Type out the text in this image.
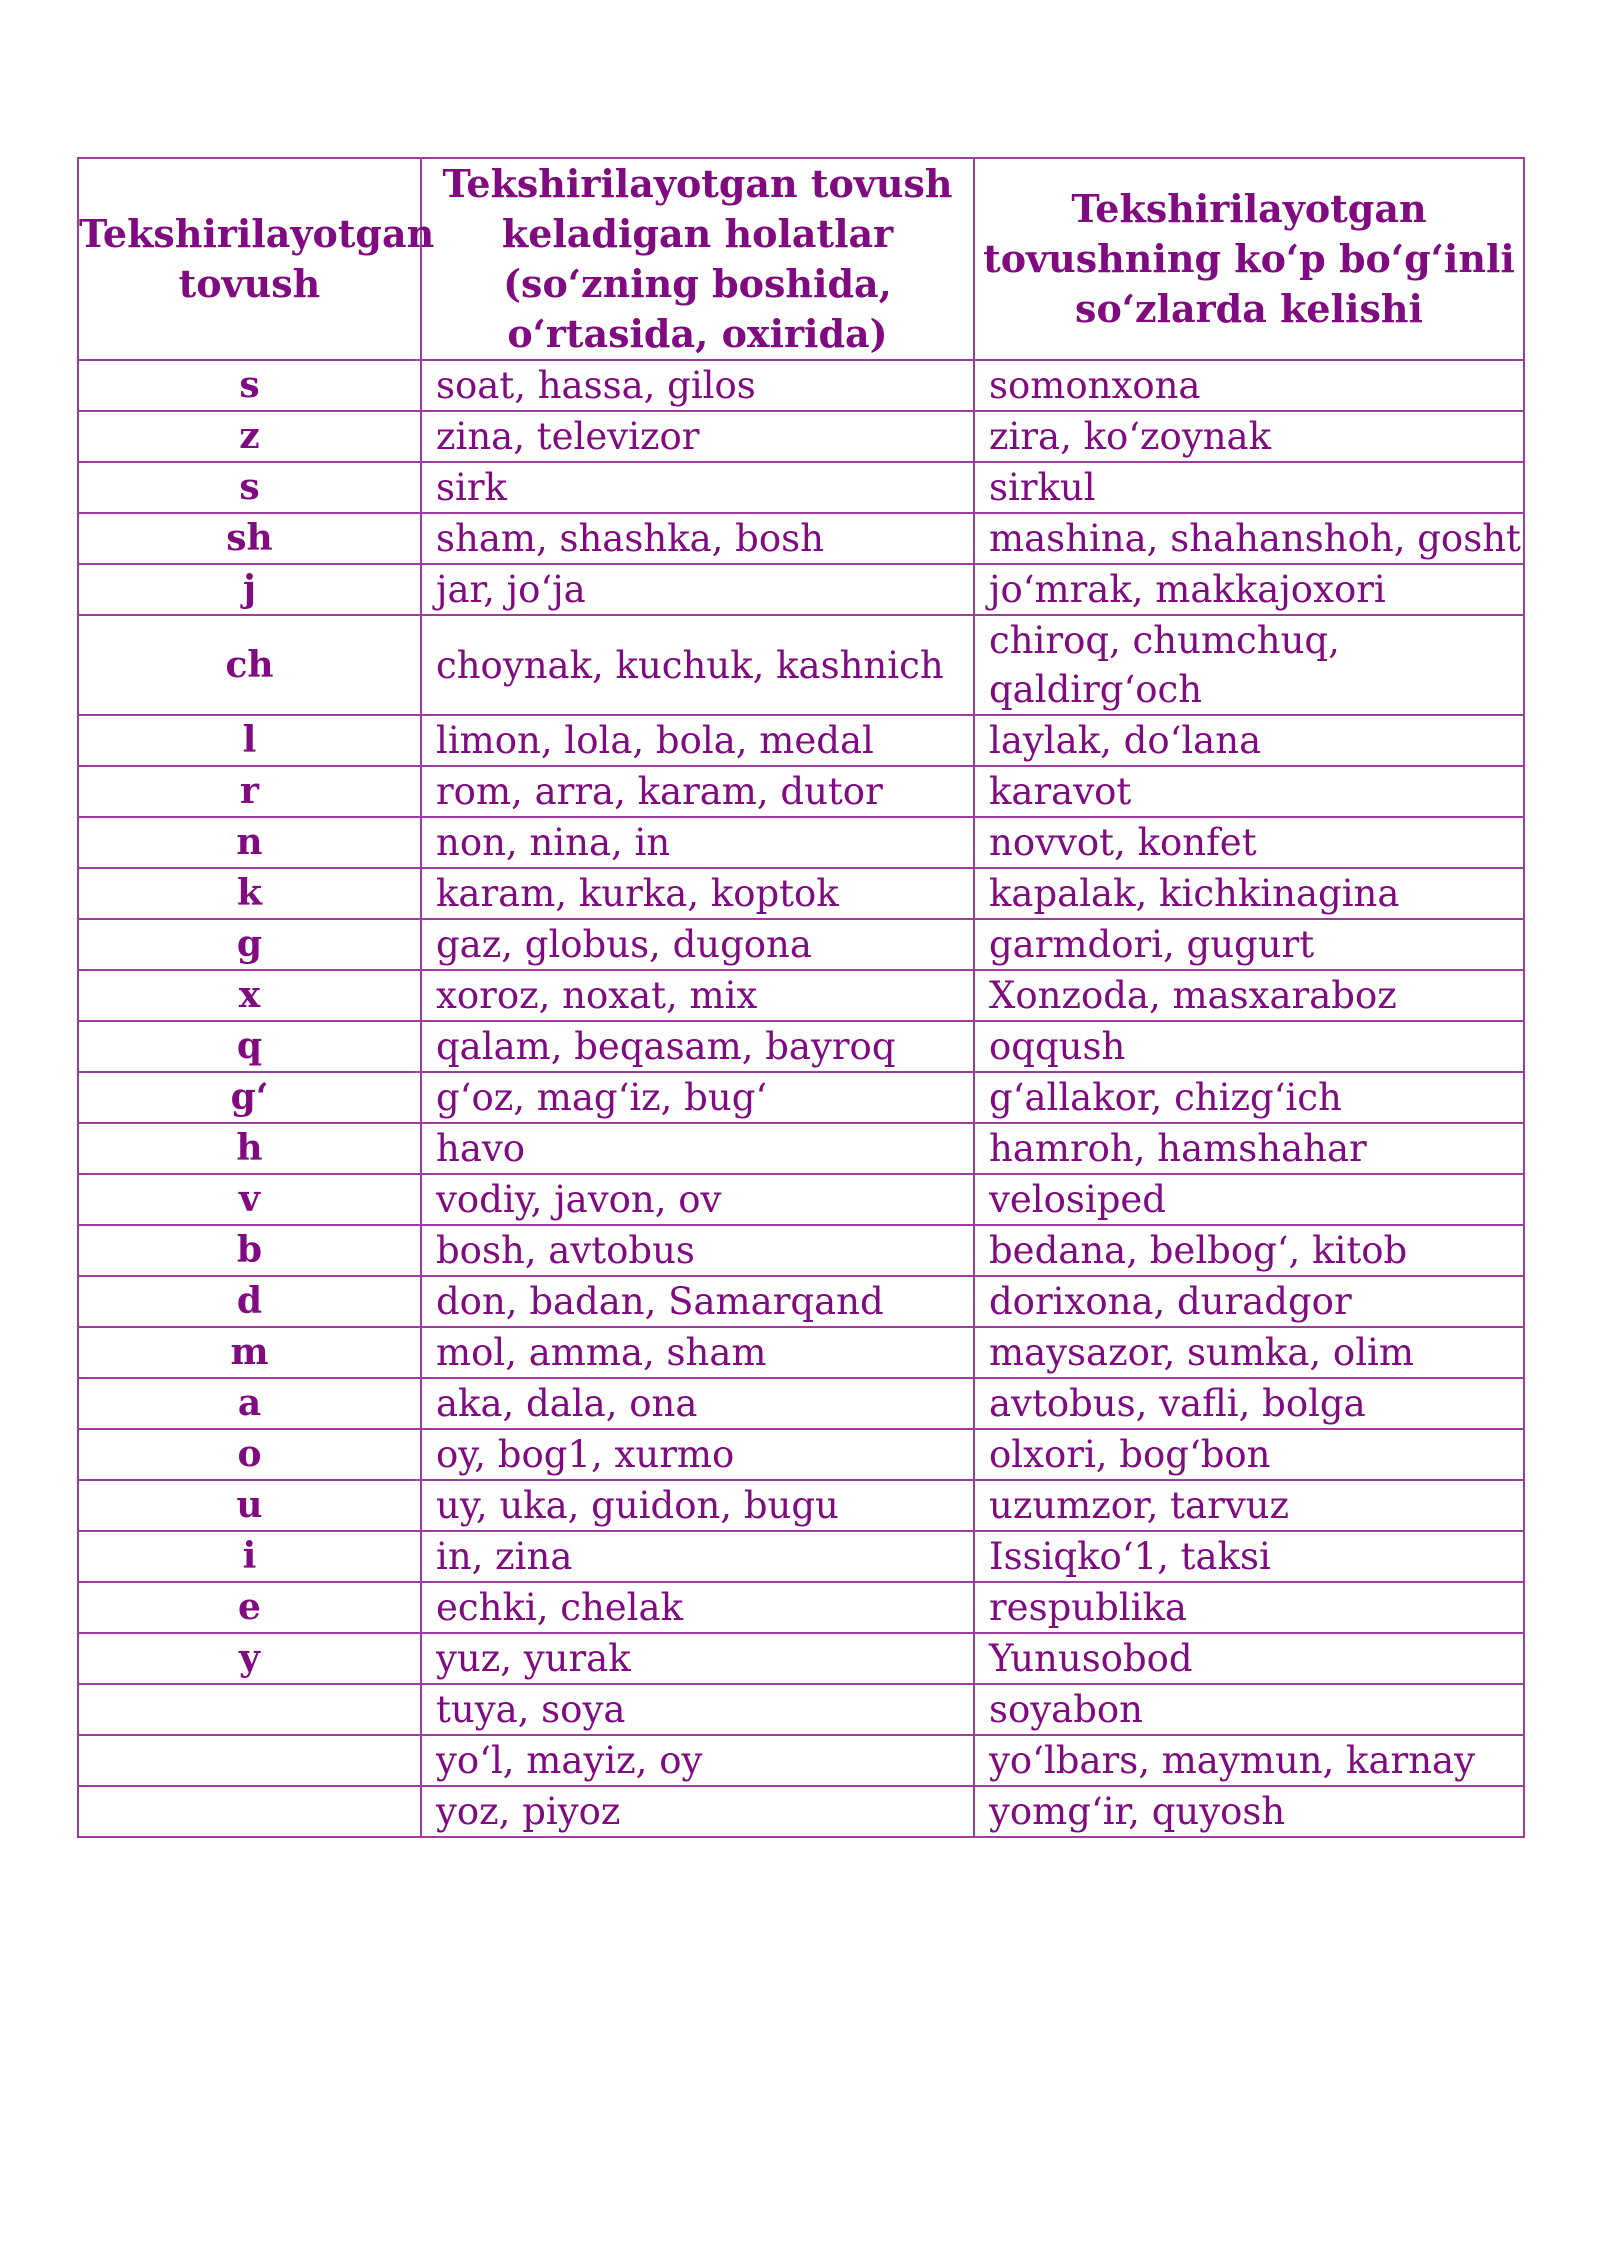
Tekshirilayotgan tovush	Tekshirilayotgan tovush keladigan holatlar (so‘zning boshida, o‘rtasida, oxirida)	Tekshirilayotgan tovushning ko‘p bo‘g‘inli so‘zlarda kelishi
s	soat, hassa, gilos	somonxona
z	zina, televizor	zira, ko‘zoynak
s	sirk	sirkul
sh	sham, shashka, bosh	mashina, shahanshoh, gosht
j	jar, jo‘ja	jo‘mrak, makkajoxori
ch	choynak, kuchuk, kashnich	chiroq, chumchuq, qaldirg‘och
l	limon, lola, bola, medal	laylak, do‘lana
r	rom, arra, karam, dutor	karavot
n	non, nina, in	novvot, konfet
k	karam, kurka, koptok	kapalak, kichkinagina
g	gaz, globus, dugona	garmdori, gugurt
x	xoroz, noxat, mix	Xonzoda, masxaraboz
q	qalam, beqasam, bayroq	oqqush
g‘	g‘oz, mag‘iz, bug‘	g‘allakor, chizg‘ich
h	havo	hamroh, hamshahar
v	vodiy, javon, ov	velosiped
b	bosh, avtobus	bedana, belbog‘, kitob
d	don, badan, Samarqand	dorixona, duradgor
m	mol, amma, sham	maysazor, sumka, olim
a	aka, dala, ona	avtobus, vafli, bolga
o	oy, bog1, xurmo	olxori, bog‘bon
u	uy, uka, guidon, bugu	uzumzor, tarvuz
i	in, zina	Issiqko‘1, taksi
e	echki, chelak	respublika
y	yuz, yurak	Yunusobod
	tuya, soya	soyabon
	yo‘l, mayiz, oy	yo‘lbars, maymun, karnay
	yoz, piyoz	yomg‘ir, quyosh
